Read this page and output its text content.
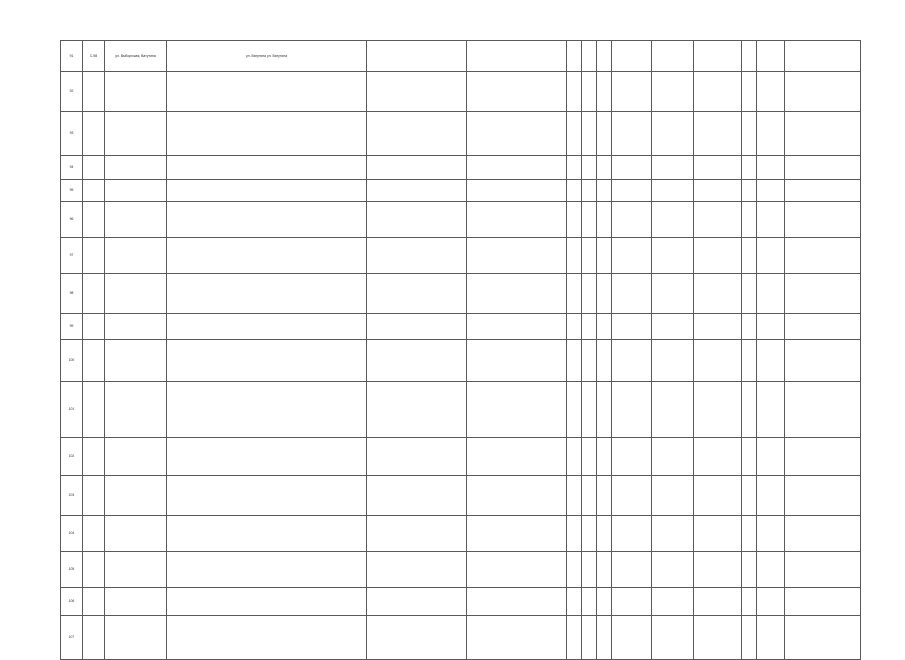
91	С-98	ул. Выборгская, Ватутина	ул. Ватутина ул. Ватутина											
92														
93														
94														
95														
96														
97														
98														
99														
100														
101														
102														
103														
104														
105														
106														
107														
